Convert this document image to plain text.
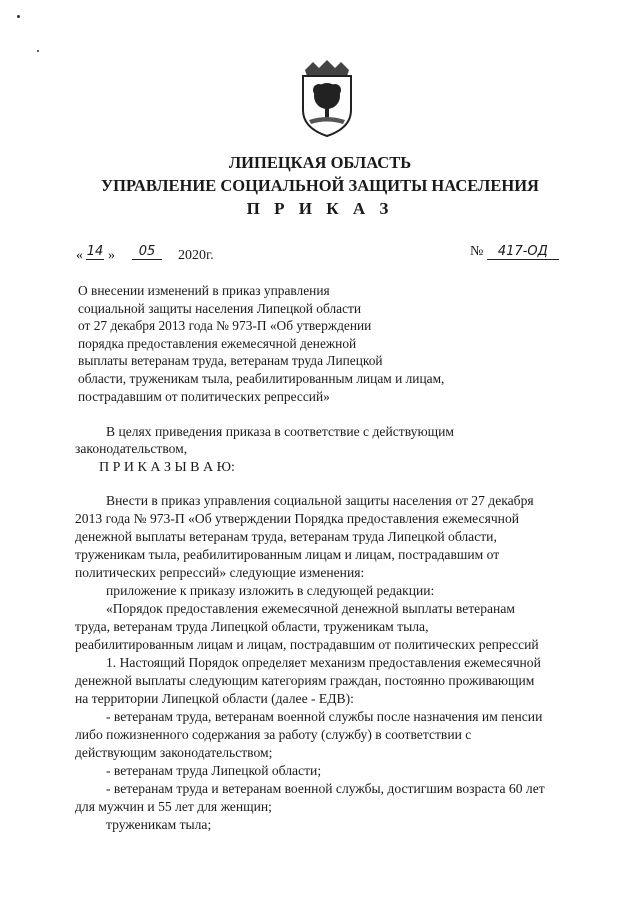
ЛИПЕЦКАЯ ОБЛАСТЬ
УПРАВЛЕНИЕ СОЦИАЛЬНОЙ ЗАЩИТЫ НАСЕЛЕНИЯ
П Р И К А З
« 14 »	05	2020г.	№ 417-ОД
О внесении изменений в приказ управления
социальной защиты населения Липецкой области
от 27 декабря 2013 года № 973-П «Об утверждении
порядка предоставления ежемесячной денежной
выплаты ветеранам труда, ветеранам труда Липецкой
области, труженикам тыла, реабилитированным лицам и лицам,
пострадавшим от политических репрессий»
В целях приведения приказа в соответствие с действующим
законодательством,
П Р И К А З Ы В А Ю:
Внести в приказ управления социальной защиты населения от 27 декабря
2013 года № 973-П «Об утверждении Порядка предоставления ежемесячной
денежной выплаты ветеранам труда, ветеранам труда Липецкой области,
труженикам тыла, реабилитированным лицам и лицам, пострадавшим от
политических репрессий» следующие изменения:
приложение к приказу изложить в следующей редакции:
«Порядок предоставления ежемесячной денежной выплаты ветеранам
труда, ветеранам труда Липецкой области, труженикам тыла,
реабилитированным лицам и лицам, пострадавшим от политических репрессий
1. Настоящий Порядок определяет механизм предоставления ежемесячной
денежной выплаты следующим категориям граждан, постоянно проживающим
на территории Липецкой области (далее - ЕДВ):
- ветеранам труда, ветеранам военной службы после назначения им пенсии
либо пожизненного содержания за работу (службу) в соответствии с
действующим законодательством;
- ветеранам труда Липецкой области;
- ветеранам труда и ветеранам военной службы, достигшим возраста 60 лет
для мужчин и 55 лет для женщин;
труженикам тыла;
